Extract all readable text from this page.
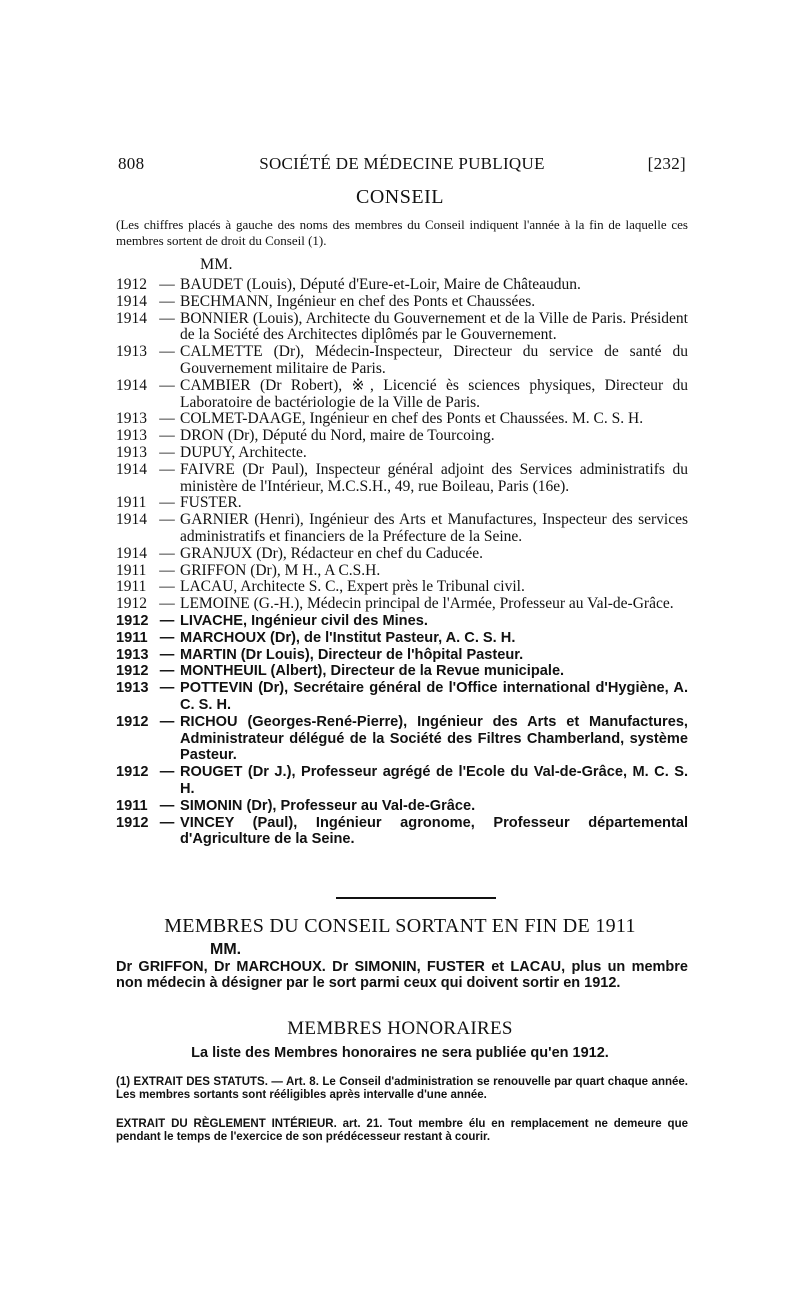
808	SOCIÉTÉ DE MÉDECINE PUBLIQUE	[232]
CONSEIL
(Les chiffres placés à gauche des noms des membres du Conseil indiquent l'année à la fin de laquelle ces membres sortent de droit du Conseil (1).
MM.
1912 — BAUDET (Louis), Député d'Eure-et-Loir, Maire de Châteaudun.
1914 — BECHMANN, Ingénieur en chef des Ponts et Chaussées.
1914 — BONNIER (Louis), Architecte du Gouvernement et de la Ville de Paris. Président de la Société des Architectes diplômés par le Gouvernement.
1913 — CALMETTE (Dr), Médecin-Inspecteur, Directeur du service de santé du Gouvernement militaire de Paris.
1914 — CAMBIER (Dr Robert), ※, Licencié ès sciences physiques, Directeur du Laboratoire de bactériologie de la Ville de Paris.
1913 — COLMET-DAAGE, Ingénieur en chef des Ponts et Chaussées. M. C. S. H.
1913 — DRON (Dr), Député du Nord, maire de Tourcoing.
1913 — DUPUY, Architecte.
1914 — FAIVRE (Dr Paul), Inspecteur général adjoint des Services administratifs du ministère de l'Intérieur, M.C.S.H., 49, rue Boileau, Paris (16e).
1911 — FUSTER.
1914 — GARNIER (Henri), Ingénieur des Arts et Manufactures, Inspecteur des services administratifs et financiers de la Préfecture de la Seine.
1914 — GRANJUX (Dr), Rédacteur en chef du Caducée.
1911 — GRIFFON (Dr), M H., A C.S.H.
1911 — LACAU, Architecte S. C., Expert près le Tribunal civil.
1912 — LEMOINE (G.-H.), Médecin principal de l'Armée, Professeur au Val-de-Grâce.
1912 — LIVACHE, Ingénieur civil des Mines.
1911 — MARCHOUX (Dr), de l'Institut Pasteur, A. C. S. H.
1913 — MARTIN (Dr Louis), Directeur de l'hôpital Pasteur.
1912 — MONTHEUIL (Albert), Directeur de la Revue municipale.
1913 — POTTEVIN (Dr), Secrétaire général de l'Office international d'Hygiène, A. C. S. H.
1912 — RICHOU (Georges-René-Pierre), Ingénieur des Arts et Manufactures, Administrateur délégué de la Société des Filtres Chamberland, système Pasteur.
1912 — ROUGET (Dr J.), Professeur agrégé de l'Ecole du Val-de-Grâce, M. C. S. H.
1911 — SIMONIN (Dr), Professeur au Val-de-Grâce.
1912 — VINCEY (Paul), Ingénieur agronome, Professeur départemental d'Agriculture de la Seine.
MEMBRES DU CONSEIL SORTANT EN FIN DE 1911
MM.
Dr GRIFFON, Dr MARCHOUX. Dr SIMONIN, FUSTER et LACAU, plus un membre non médecin à désigner par le sort parmi ceux qui doivent sortir en 1912.
MEMBRES HONORAIRES
La liste des Membres honoraires ne sera publiée qu'en 1912.
(1) EXTRAIT DES STATUTS. — Art. 8. Le Conseil d'administration se renouvelle par quart chaque année. Les membres sortants sont rééligibles après intervalle d'une année.
EXTRAIT DU RÈGLEMENT INTÉRIEUR. art. 21. Tout membre élu en remplacement ne demeure que pendant le temps de l'exercice de son prédécesseur restant à courir.
